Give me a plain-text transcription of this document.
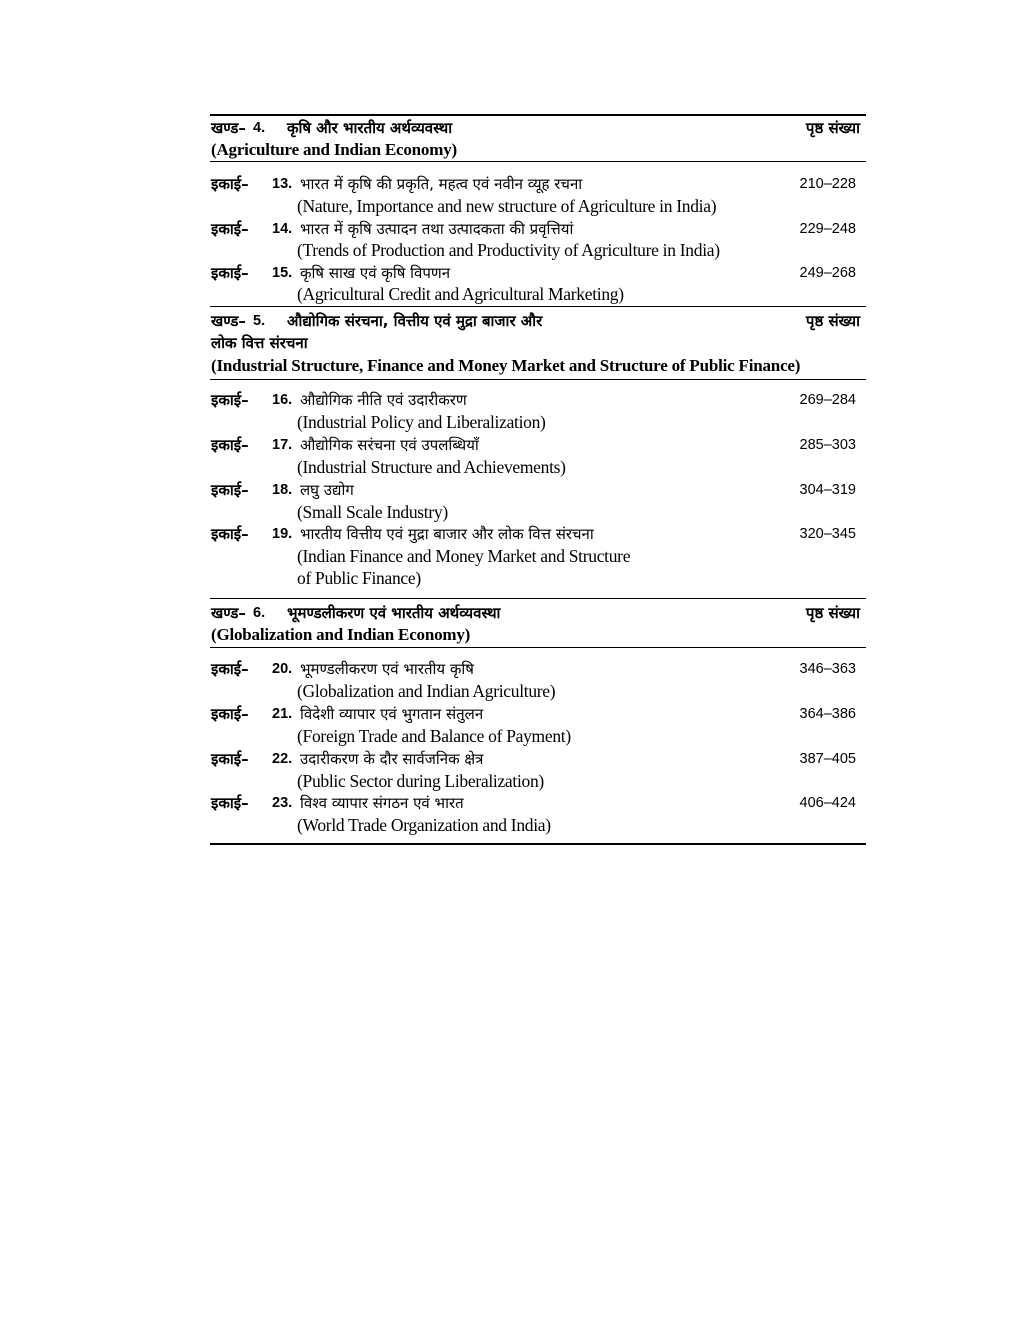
खण्ड– 4. कृषि और भारतीय अर्थव्यवस्था	पृष्ठ संख्या
(Agriculture and Indian Economy)
इकाई– 13. भारत में कृषि की प्रकृति, महत्व एवं नवीन व्यूह रचना	210–228
(Nature, Importance and new structure of Agriculture in India)
इकाई– 14. भारत में कृषि उत्पादन तथा उत्पादकता की प्रवृत्तियां	229–248
(Trends of Production and Productivity of Agriculture in India)
इकाई– 15. कृषि साख एवं कृषि विपणन	249–268
(Agricultural Credit and Agricultural Marketing)
खण्ड– 5. औद्योगिक संरचना, वित्तीय एवं मुद्रा बाजार और	पृष्ठ संख्या
लोक वित्त संरचना
(Industrial Structure, Finance and Money Market and Structure of Public Finance)
इकाई– 16. औद्योगिक नीति एवं उदारीकरण	269–284
(Industrial Policy and Liberalization)
इकाई– 17. औद्योगिक सरंचना एवं उपलब्धियाँ	285–303
(Industrial Structure and Achievements)
इकाई– 18. लघु उद्योग	304–319
(Small Scale Industry)
इकाई– 19. भारतीय वित्तीय एवं मुद्रा बाजार और लोक वित्त संरचना	320–345
(Indian Finance and Money Market and Structure
of Public Finance)
खण्ड– 6. भूमण्डलीकरण एवं भारतीय अर्थव्यवस्था	पृष्ठ संख्या
(Globalization and Indian Economy)
इकाई– 20. भूमण्डलीकरण एवं भारतीय कृषि	346–363
(Globalization and Indian Agriculture)
इकाई– 21. विदेशी व्यापार एवं भुगतान संतुलन	364–386
(Foreign Trade and Balance of Payment)
इकाई– 22. उदारीकरण के दौर सार्वजनिक क्षेत्र	387–405
(Public Sector during Liberalization)
इकाई– 23. विश्व व्यापार संगठन एवं भारत	406–424
(World Trade Organization and India)
